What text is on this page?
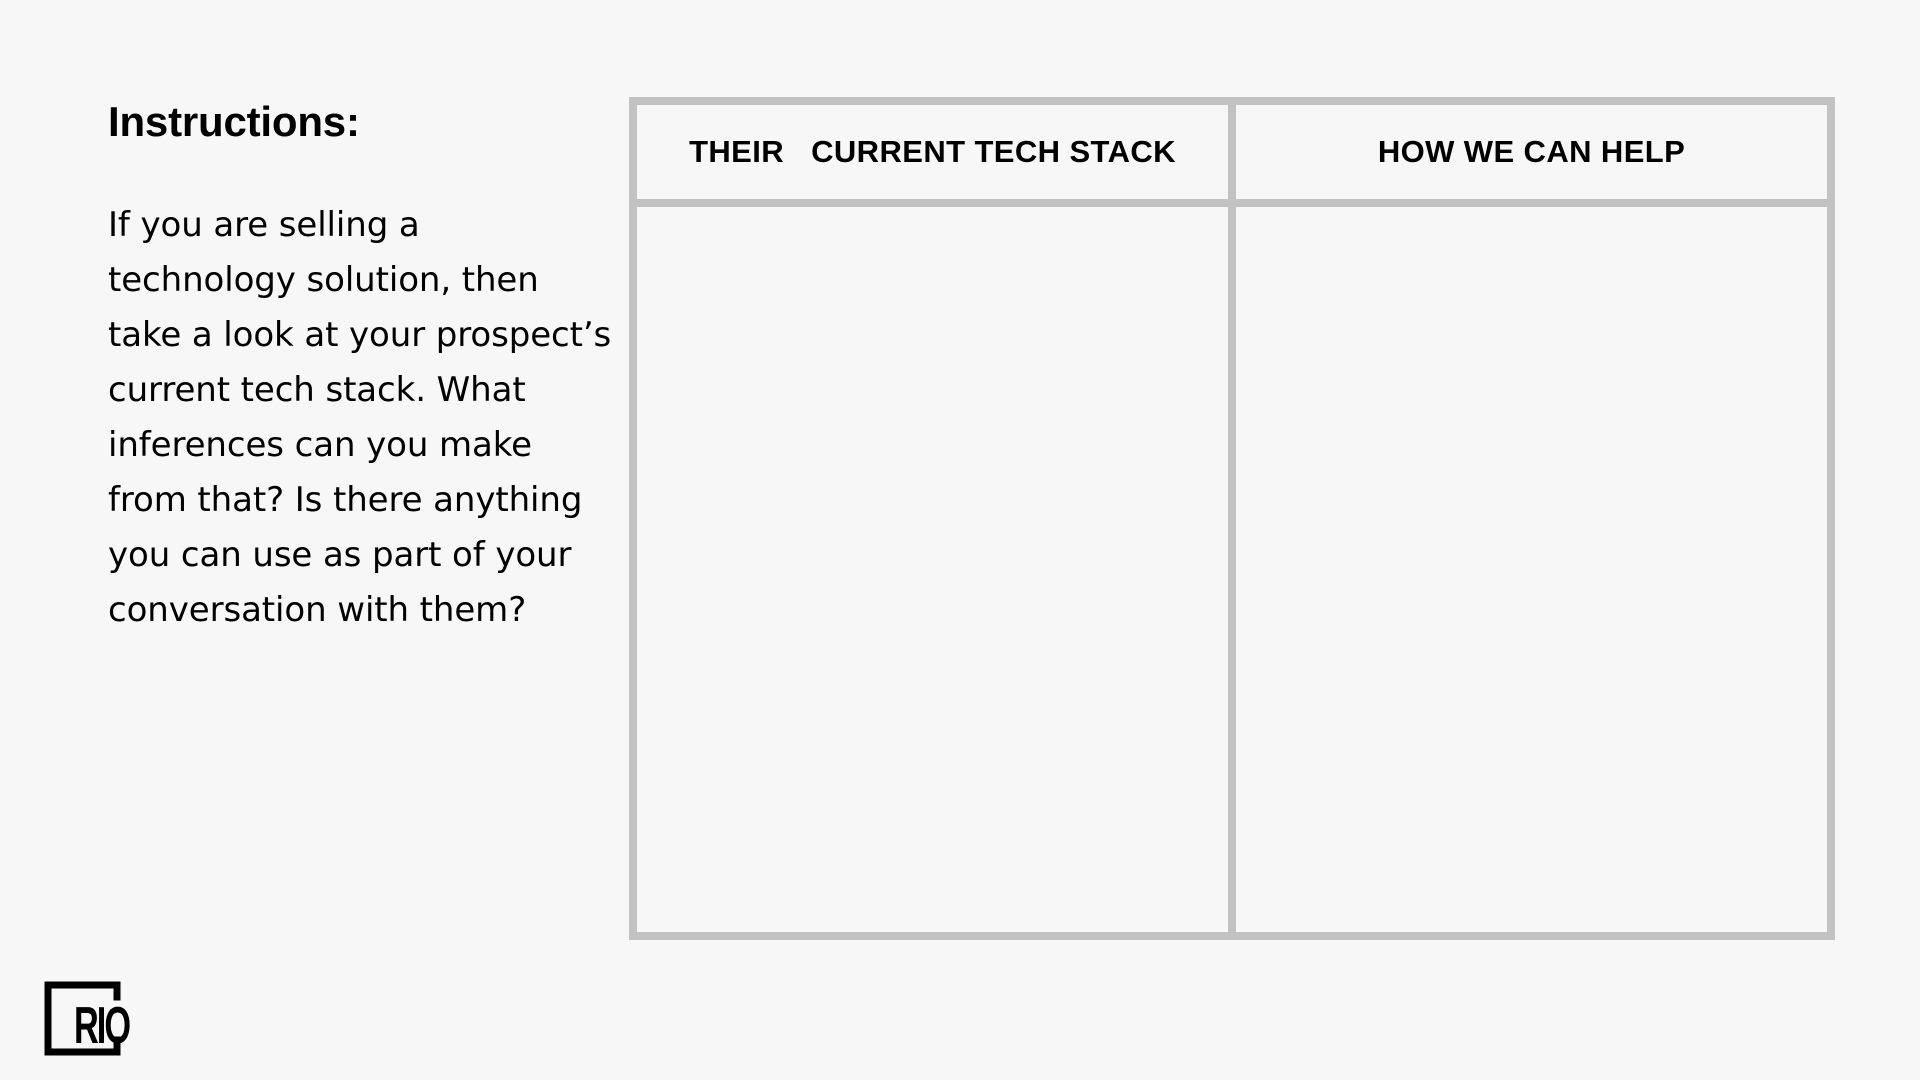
Instructions:

If you are selling a technology solution, then take a look at your prospect’s current tech stack. What inferences can you make from that? Is there anything you can use as part of your conversation with them?

THEIR   CURRENT TECH STACK	HOW WE CAN HELP

RIO
